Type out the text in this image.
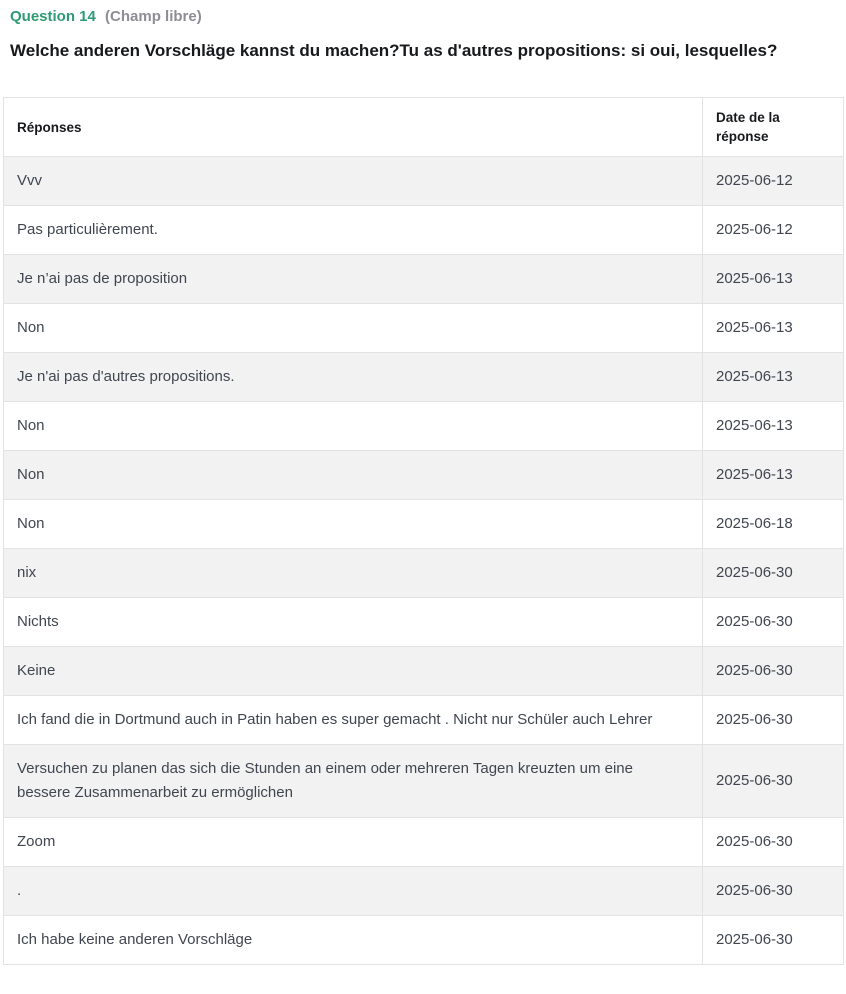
Question 14 (Champ libre)
Welche anderen Vorschläge kannst du machen?Tu as d'autres propositions: si oui, lesquelles?
Réponses	Date de la réponse
Vvv	2025-06-12
Pas particulièrement.	2025-06-12
Je n’ai pas de proposition	2025-06-13
Non	2025-06-13
Je n'ai pas d'autres propositions.	2025-06-13
Non	2025-06-13
Non	2025-06-13
Non	2025-06-18
nix	2025-06-30
Nichts	2025-06-30
Keine	2025-06-30
Ich fand die in Dortmund auch in Patin haben es super gemacht . Nicht nur Schüler auch Lehrer	2025-06-30
Versuchen zu planen das sich die Stunden an einem oder mehreren Tagen kreuzten um eine bessere Zusammenarbeit zu ermöglichen	2025-06-30
Zoom	2025-06-30
.	2025-06-30
Ich habe keine anderen Vorschläge	2025-06-30
